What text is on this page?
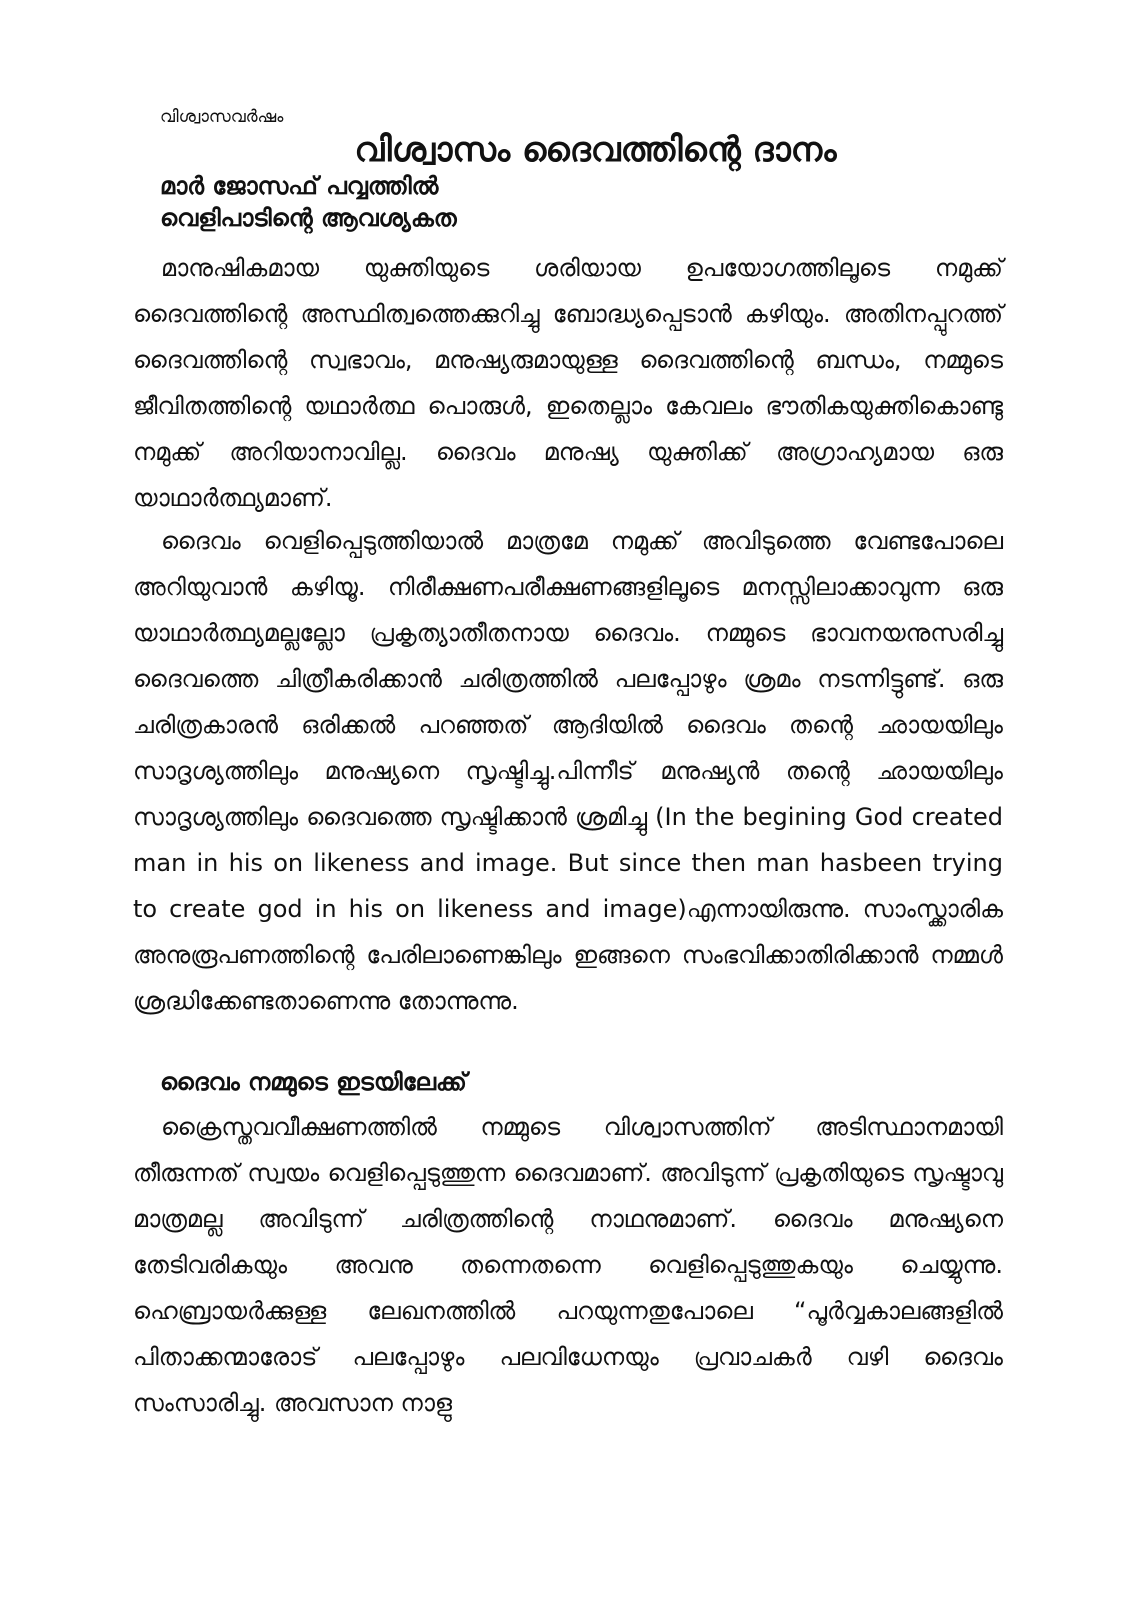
വിശ്വാസവർഷം
വിശ്വാസം ദൈവത്തിന്റെ ദാനം
മാർ ജോസഫ് പവ്വത്തിൽ
വെളിപാടിന്റെ ആവശ്യകത

മാനുഷികമായ യുക്തിയുടെ ശരിയായ ഉപയോഗത്തിലൂടെ നമുക്ക് ദൈവത്തിന്റെ അസ്ഥിത്വത്തെക്കുറിച്ചു ബോദ്ധ്യപ്പെടാൻ കഴിയും. അതിനപ്പുറത്ത് ദൈവത്തിന്റെ സ്വഭാവം, മനുഷ്യരുമായുള്ള ദൈവത്തിന്റെ ബന്ധം, നമ്മുടെ ജീവിതത്തിന്റെ യഥാർത്ഥ പൊരുൾ, ഇതെല്ലാം കേവലം ഭൗതികയുക്തികൊണ്ടു നമുക്ക് അറിയാനാവില്ല. ദൈവം മനുഷ്യ യുക്തിക്ക് അഗ്രാഹ്യമായ ഒരു യാഥാർത്ഥ്യമാണ്.

ദൈവം വെളിപ്പെടുത്തിയാൽ മാത്രമേ നമുക്ക് അവിടുത്തെ വേണ്ടപോലെ അറിയുവാൻ കഴിയൂ. നിരീക്ഷണപരീക്ഷണങ്ങളിലൂടെ മനസ്സിലാക്കാവുന്ന ഒരു യാഥാർത്ഥ്യമല്ലല്ലോ പ്രകൃത്യാതീതനായ ദൈവം. നമ്മുടെ ഭാവനയനുസരിച്ചു ദൈവത്തെ ചിത്രീകരിക്കാൻ ചരിത്രത്തിൽ പലപ്പോഴും ശ്രമം നടന്നിട്ടുണ്ട്. ഒരു ചരിത്രകാരൻ ഒരിക്കൽ പറഞ്ഞത് ആദിയിൽ ദൈവം തന്റെ ഛായയിലും സാദൃശ്യത്തിലും മനുഷ്യനെ സൃഷ്ടിച്ചു.പിന്നീട് മനുഷ്യൻ തന്റെ ഛായയിലും സാദൃശ്യത്തിലും ദൈവത്തെ സൃഷ്ടിക്കാൻ ശ്രമിച്ചു (In the begining God created man in his on likeness and image. But since then man hasbeen trying to create god in his on likeness and image)എന്നായിരുന്നു. സാംസ്ക്കാരിക അനുരൂപണത്തിന്റെ പേരിലാണെങ്കിലും ഇങ്ങനെ സംഭവിക്കാതിരിക്കാൻ നമ്മൾ ശ്രദ്ധിക്കേണ്ടതാണെന്നു തോന്നുന്നു.

ദൈവം നമ്മുടെ ഇടയിലേക്ക്

ക്രൈസ്തവവീക്ഷണത്തിൽ നമ്മുടെ വിശ്വാസത്തിന് അടിസ്ഥാനമായി തീരുന്നത് സ്വയം വെളിപ്പെടുത്തുന്ന ദൈവമാണ്. അവിടുന്ന് പ്രകൃതിയുടെ സൃഷ്ടാവു മാത്രമല്ല അവിടുന്ന് ചരിത്രത്തിന്റെ നാഥനുമാണ്. ദൈവം മനുഷ്യനെ തേടിവരികയും അവനു തന്നെതന്നെ വെളിപ്പെടുത്തുകയും ചെയ്യുന്നു. ഹെബ്രായർക്കുള്ള ലേഖനത്തിൽ പറയുന്നതുപോലെ “പൂർവ്വകാലങ്ങളിൽ പിതാക്കന്മാരോട് പലപ്പോഴും പലവിധേനയും പ്രവാചകർ വഴി ദൈവം സംസാരിച്ചു. അവസാന നാളു
